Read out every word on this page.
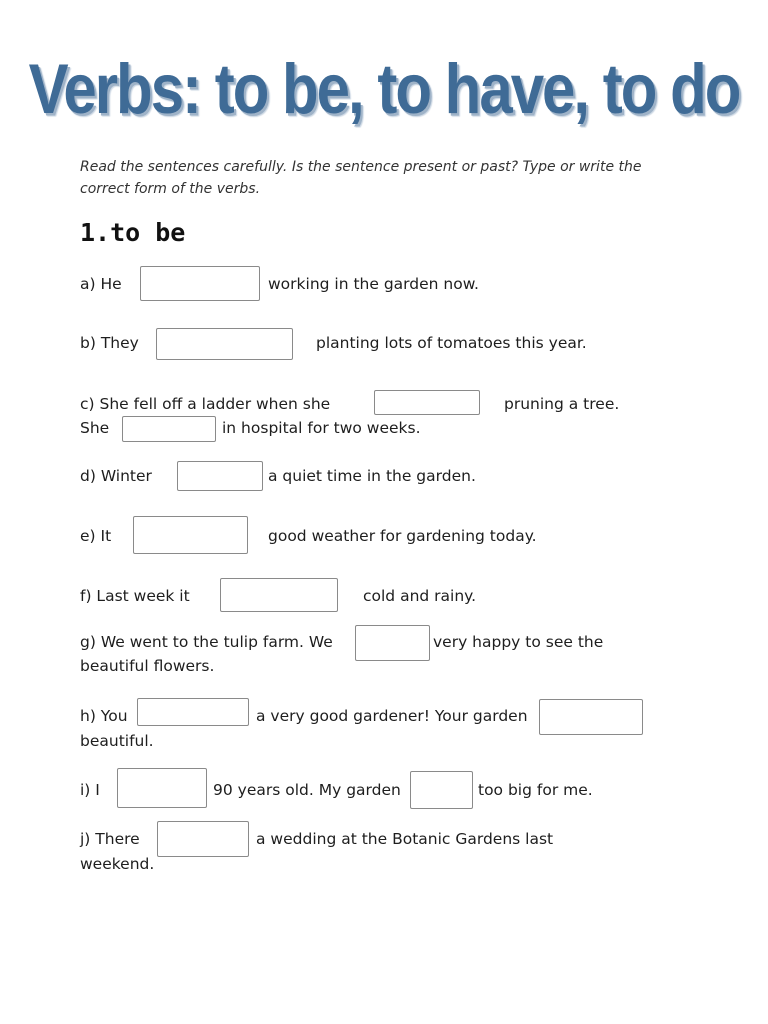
Verbs: to be, to have, to do

Read the sentences carefully. Is the sentence present or past? Type or write the correct form of the verbs.

1.to be
a) He	working in the garden now.
b) They	planting lots of tomatoes this year.
c) She fell off a ladder when she	pruning a tree.
She	in hospital for two weeks.
d) Winter	a quiet time in the garden.
e) It	good weather for gardening today.
f) Last week it	cold and rainy.
g) We went to the tulip farm. We	very happy to see the
beautiful flowers.
h) You	a very good gardener! Your garden
beautiful.
i) I	90 years old. My garden	too big for me.
j) There	a wedding at the Botanic Gardens last
weekend.
